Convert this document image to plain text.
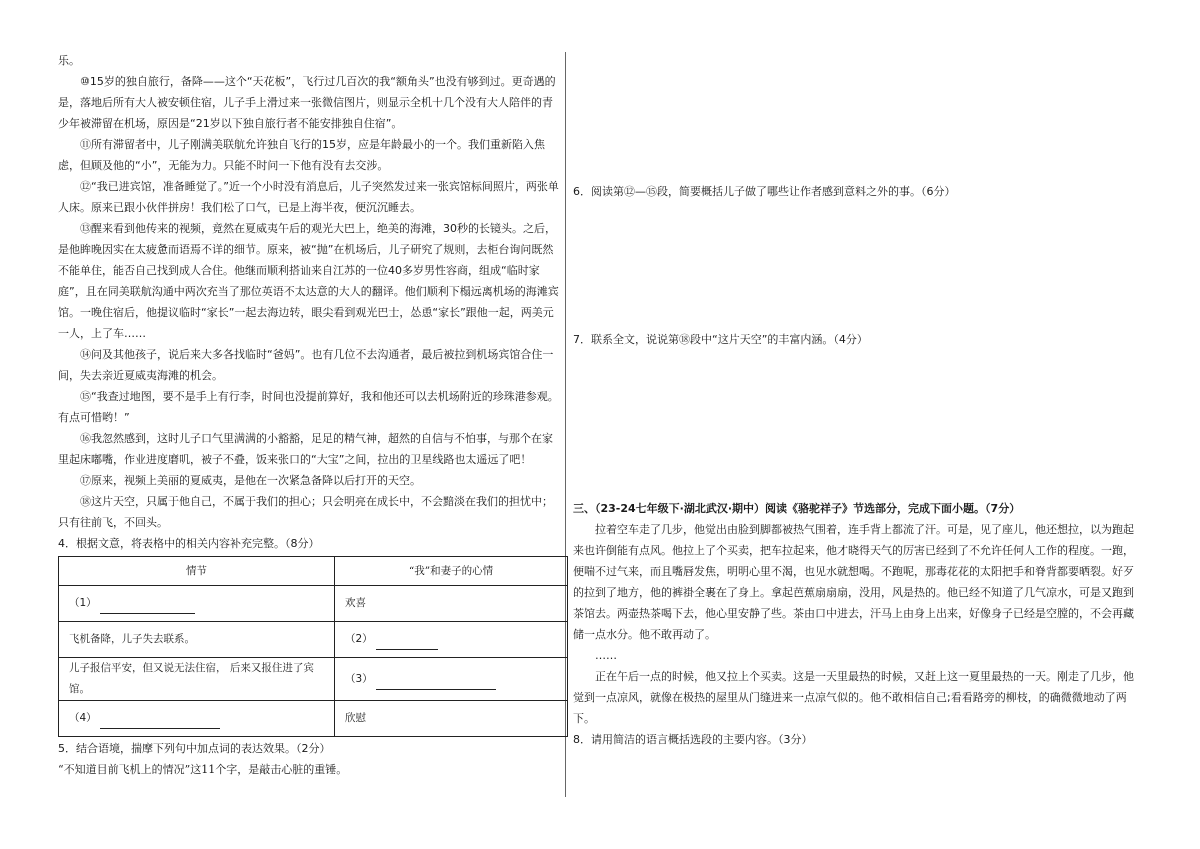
乐。

⑩15岁的独自旅行，备降——这个“天花板”，飞行过几百次的我“额角头”也没有够到过。更奇遇的是，落地后所有大人被安顿住宿，儿子手上滑过来一张微信图片，则显示全机十几个没有大人陪伴的青少年被滞留在机场，原因是“21岁以下独自旅行者不能安排独自住宿”。

⑪所有滞留者中，儿子刚满美联航允许独自飞行的15岁，应是年龄最小的一个。我们重新陷入焦虑，但顾及他的“小”，无能为力。只能不时问一下他有没有去交涉。

⑫“我已进宾馆，准备睡觉了。”近一个小时没有消息后，儿子突然发过来一张宾馆标间照片，两张单人床。原来已跟小伙伴拼房！我们松了口气，已是上海半夜，便沉沉睡去。

⑬醒来看到他传来的视频，竟然在夏威夷午后的观光大巴上，绝美的海滩，30秒的长镜头。之后，是他眸晚因实在太疲惫而语焉不详的细节。原来，被“抛”在机场后，儿子研究了规则，去柜台询问既然不能单住，能否自己找到成人合住。他继而顺利搭讪来自江苏的一位40多岁男性容商，组成“临时家庭”，且在同美联航沟通中两次充当了那位英语不太达意的大人的翻译。他们顺利下榻远离机场的海滩宾馆。一晚住宿后，他提议临时“家长”一起去海边转，眼尖看到观光巴士，怂恿“家长”跟他一起，两美元一人，上了车……

⑭问及其他孩子，说后来大多各找临时“爸妈”。也有几位不去沟通者，最后被拉到机场宾馆合住一间，失去亲近夏威夷海滩的机会。

⑮“我查过地图，要不是手上有行李，时间也没提前算好，我和他还可以去机场附近的珍珠港参观。有点可惜哟！”

⑯我忽然感到，这时儿子口气里满满的小豁豁，足足的精气神，超然的自信与不怕事，与那个在家里起床嘟嘴，作业进度磨叽，被子不叠，饭来张口的“大宝”之间，拉出的卫星线路也太遥远了吧！

⑰原来，视频上美丽的夏威夷，是他在一次紧急备降以后打开的天空。

⑱这片天空，只属于他自己，不属于我们的担心；只会明亮在成长中，不会黯淡在我们的担忧中；只有往前飞，不回头。

4．根据文意，将表格中的相关内容补充完整。（8分）

情节	“我”和妻子的心情
（1）	欢喜
飞机备降，儿子失去联系。	（2）
儿子报信平安，但又说无法住宿， 后来又报住进了宾馆。	（3）
（4）	欣慰

5．结合语境，揣摩下列句中加点词的表达效果。（2分）

“不知道目前飞机上的情况”这11个字，是敲击心脏的重锤。

6．阅读第⑫—⑮段，简要概括儿子做了哪些让作者感到意料之外的事。（6分）

7．联系全文，说说第⑱段中“这片天空”的丰富内涵。（4分）

三、（23-24七年级下·湖北武汉·期中）阅读《骆驼祥子》节选部分，完成下面小题。（7分）

拉着空车走了几步，他觉出由脸到脚都被热气围着，连手背上都流了汗。可是，见了座儿，他还想拉，以为跑起来也许倒能有点风。他拉上了个买卖，把车拉起来，他才晓得天气的厉害已经到了不允许任何人工作的程度。一跑，便喘不过气来，而且嘴唇发焦，明明心里不渴，也见水就想喝。不跑呢，那毒花花的太阳把手和脊背都要晒裂。好歹的拉到了地方，他的裤褂全裹在了身上。拿起芭蕉扇扇扇，没用，风是热的。他已经不知道了几气凉水，可是又跑到茶馆去。两壶热茶喝下去，他心里安静了些。茶由口中进去，汗马上由身上出来，好像身子已经是空膛的，不会再藏储一点水分。他不敢再动了。

……

正在午后一点的时候，他又拉上个买卖。这是一天里最热的时候，又赶上这一夏里最热的一天。刚走了几步，他觉到一点凉风，就像在极热的屋里从门缝进来一点凉气似的。他不敢相信自己;看看路旁的柳枝，的确微微地动了两下。

8．请用简洁的语言概括选段的主要内容。（3分）
